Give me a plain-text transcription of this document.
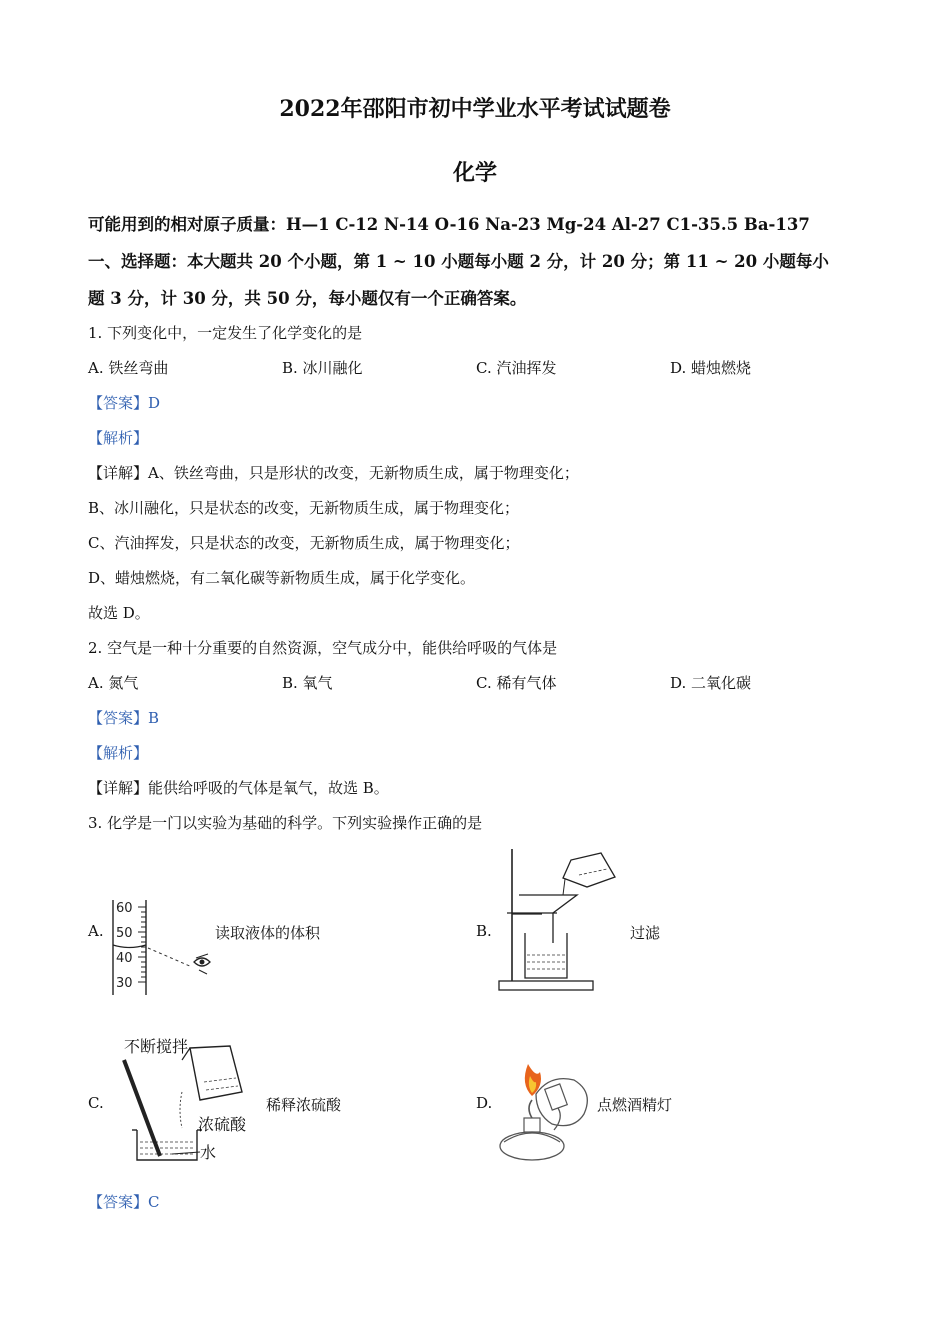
2022年邵阳市初中学业水平考试试题卷
化学
可能用到的相对原子质量：H—1 C-12 N-14 O-16 Na-23 Mg-24 Al-27 C1-35.5 Ba-137
一、选择题：本大题共 20 个小题，第 1 ~ 10 小题每小题 2 分，计 20 分；第 11 ~ 20 小题每小
题 3 分，计 30 分，共 50 分，每小题仅有一个正确答案。
1. 下列变化中，一定发生了化学变化的是
A. 铁丝弯曲	B. 冰川融化	C. 汽油挥发	D. 蜡烛燃烧
【答案】D
【解析】
【详解】A、铁丝弯曲，只是形状的改变，无新物质生成，属于物理变化；
B、冰川融化，只是状态的改变，无新物质生成，属于物理变化；
C、汽油挥发，只是状态的改变，无新物质生成，属于物理变化；
D、蜡烛燃烧，有二氧化碳等新物质生成，属于化学变化。
故选 D。
2. 空气是一种十分重要的自然资源，空气成分中，能供给呼吸的气体是
A. 氮气	B. 氧气	C. 稀有气体	D. 二氧化碳
【答案】B
【解析】
【详解】能供给呼吸的气体是氧气，故选 B。
3. 化学是一门以实验为基础的科学。下列实验操作正确的是
A.
60
50
40
30
读取液体的体积	B.	过滤
C.
不断搅拌
浓硫酸
水
稀释浓硫酸	D.	点燃酒精灯
【答案】C
